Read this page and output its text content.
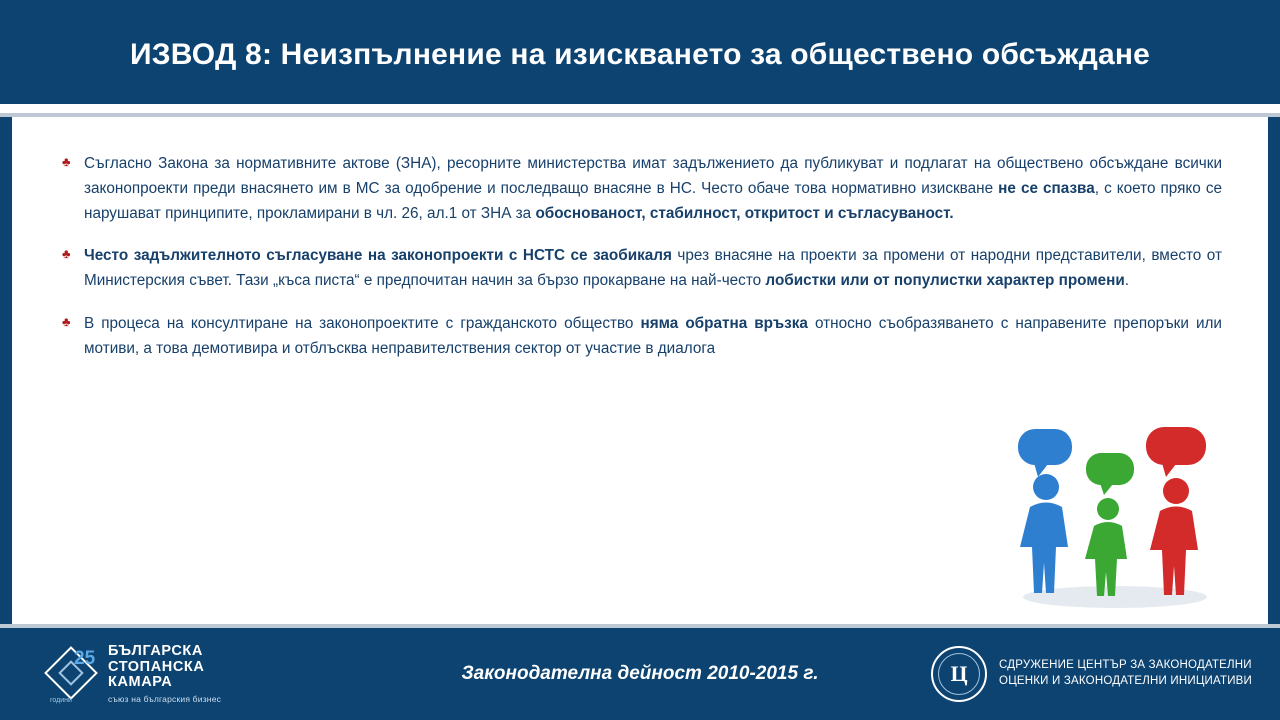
ИЗВОД 8: Неизпълнение на изискването за обществено обсъждане
♣ Съгласно Закона за нормативните актове (ЗНА), ресорните министерства имат задължението да публикуват и подлагат на обществено обсъждане всички законопроекти преди внасянето им в МС за одобрение и последващо внасяне в НС. Често обаче това нормативно изискване не се спазва, с което пряко се нарушават принципите, прокламирани в чл. 26, ал.1 от ЗНА за обоснованост, стабилност, откритост и съгласуваност.
♣ Често задължителното съгласуване на законопроекти с НСТС се заобикаля чрез внасяне на проекти за промени от народни представители, вместо от Министерския съвет. Тази „къса писта“ е предпочитан начин за бързо прокарване на най-често лобистки или от популистки характер промени.
♣ В процеса на консултиране на законопроектите с гражданското общество няма обратна връзка относно съобразяването с направените препоръки или мотиви, а това демотивира и отблъсква неправителствения сектор от участие в диалога
Законодателна дейност 2010-2015 г.
25
години
БЪЛГАРСКА
СТОПАНСКА
КАМАРА
съюз на българския бизнес
Ц	СДРУЖЕНИЕ ЦЕНТЪР ЗА ЗАКОНОДАТЕЛНИ
ОЦЕНКИ И ЗАКОНОДАТЕЛНИ ИНИЦИАТИВИ
